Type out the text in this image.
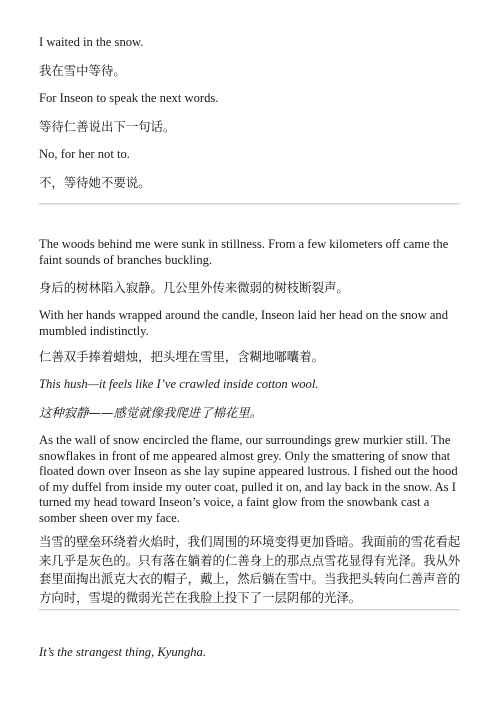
I waited in the snow.

我在雪中等待。

For Inseon to speak the next words.

等待仁善说出下一句话。

No, for her not to.

不，等待她不要说。

The woods behind me were sunk in stillness. From a few kilometers off came the faint sounds of branches buckling.

身后的树林陷入寂静。几公里外传来微弱的树枝断裂声。

With her hands wrapped around the candle, Inseon laid her head on the snow and mumbled indistinctly.

仁善双手捧着蜡烛，把头埋在雪里，含糊地嘟囔着。

This hush—it feels like I’ve crawled inside cotton wool.

这种寂静——感觉就像我爬进了棉花里。

As the wall of snow encircled the flame, our surroundings grew murkier still. The snowflakes in front of me appeared almost grey. Only the smattering of snow that floated down over Inseon as she lay supine appeared lustrous. I fished out the hood of my duffel from inside my outer coat, pulled it on, and lay back in the snow. As I turned my head toward Inseon’s voice, a faint glow from the snowbank cast a somber sheen over my face.

当雪的壁垒环绕着火焰时，我们周围的环境变得更加昏暗。我面前的雪花看起来几乎是灰色的。只有落在躺着的仁善身上的那点点雪花显得有光泽。我从外套里面掏出派克大衣的帽子，戴上，然后躺在雪中。当我把头转向仁善声音的方向时，雪堤的微弱光芒在我脸上投下了一层阴郁的光泽。

It’s the strangest thing, Kyungha.
